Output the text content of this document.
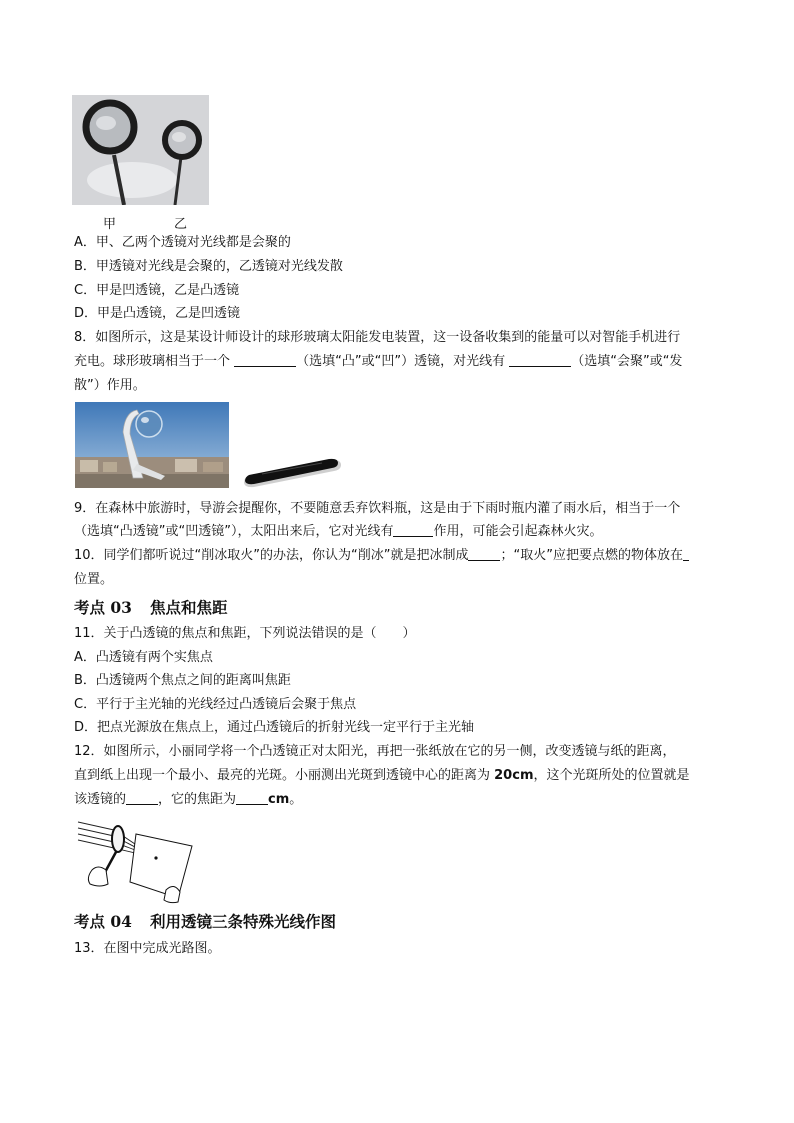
甲	乙
A．甲、乙两个透镜对光线都是会聚的
B．甲透镜对光线是会聚的，乙透镜对光线发散
C．甲是凹透镜，乙是凸透镜
D．甲是凸透镜，乙是凹透镜
8．如图所示，这是某设计师设计的球形玻璃太阳能发电装置，这一设备收集到的能量可以对智能手机进行
充电。球形玻璃相当于一个	（选填“凸”或“凹”）透镜，对光线有	（选填“会聚”或“发
散”）作用。
9．在森林中旅游时，导游会提醒你，不要随意丢弃饮料瓶，这是由于下雨时瓶内灌了雨水后，相当于一个
（选填“凸透镜”或“凹透镜”），太阳出来后，它对光线有	作用，可能会引起森林火灾。
10．同学们都听说过“削冰取火”的办法，你认为“削冰”就是把冰制成 ；“取火”应把要点燃的物体放在
位置。
考点 03 焦点和焦距
11．关于凸透镜的焦点和焦距，下列说法错误的是（　　）
A．凸透镜有两个实焦点
B．凸透镜两个焦点之间的距离叫焦距
C．平行于主光轴的光线经过凸透镜后会聚于焦点
D．把点光源放在焦点上，通过凸透镜后的折射光线一定平行于主光轴
12．如图所示，小丽同学将一个凸透镜正对太阳光，再把一张纸放在它的另一侧，改变透镜与纸的距离，
直到纸上出现一个最小、最亮的光斑。小丽测出光斑到透镜中心的距离为 20cm，这个光斑所处的位置就是
该透镜的 ，它的焦距为 cm。
考点 04 利用透镜三条特殊光线作图
13．在图中完成光路图。
